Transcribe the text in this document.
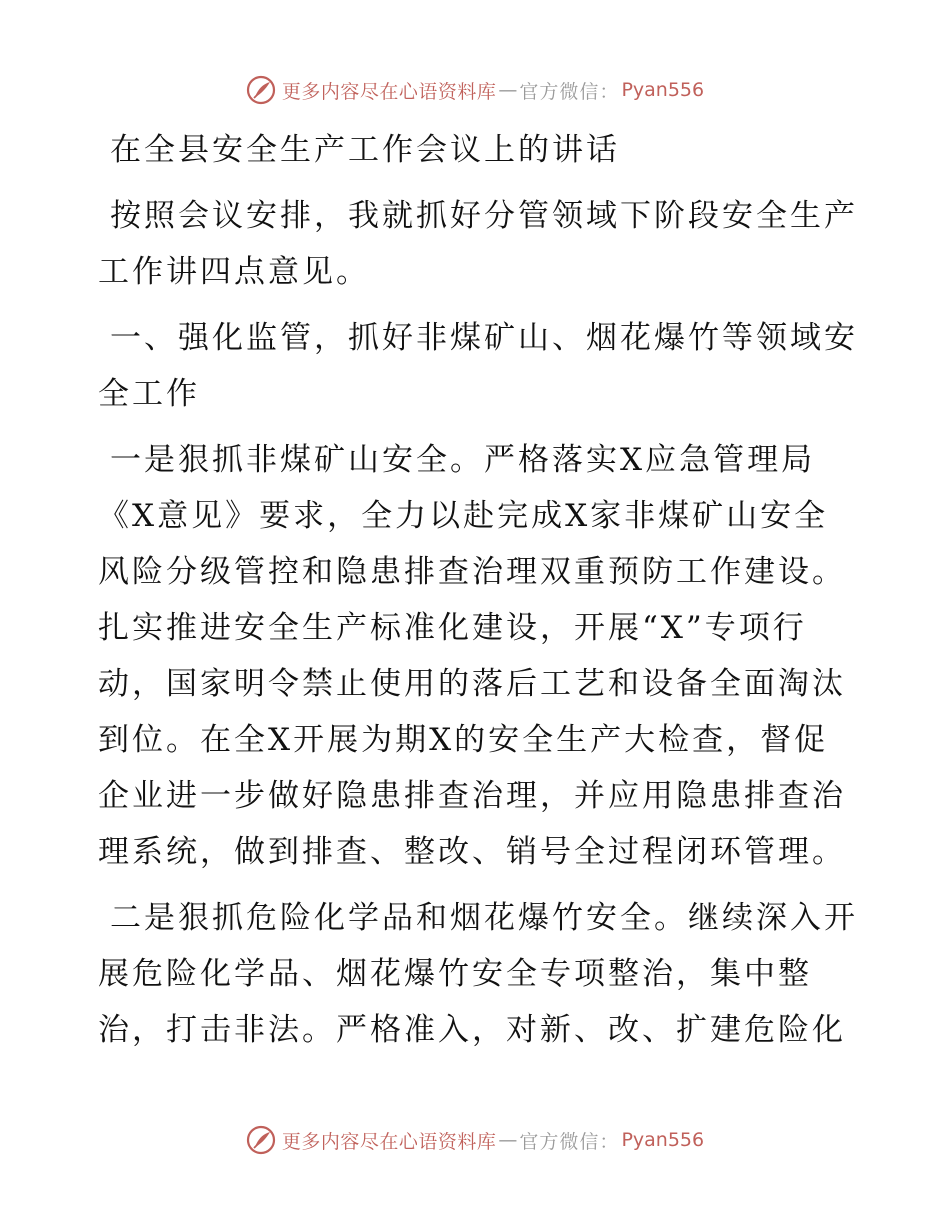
更多内容尽在心语资料库 — 官方微信： Pyan556

在全县安全生产工作会议上的讲话

按照会议安排，我就抓好分管领域下阶段安全生产工作讲四点意见。

一、强化监管，抓好非煤矿山、烟花爆竹等领域安全工作

一是狠抓非煤矿山安全。严格落实X应急管理局《X意见》要求，全力以赴完成X家非煤矿山安全风险分级管控和隐患排查治理双重预防工作建设。扎实推进安全生产标准化建设，开展“X”专项行动，国家明令禁止使用的落后工艺和设备全面淘汰到位。在全X开展为期X的安全生产大检查，督促企业进一步做好隐患排查治理，并应用隐患排查治理系统，做到排查、整改、销号全过程闭环管理。

二是狠抓危险化学品和烟花爆竹安全。继续深入开展危险化学品、烟花爆竹安全专项整治，集中整治，打击非法。严格准入，对新、改、扩建危险化

更多内容尽在心语资料库 — 官方微信： Pyan556
